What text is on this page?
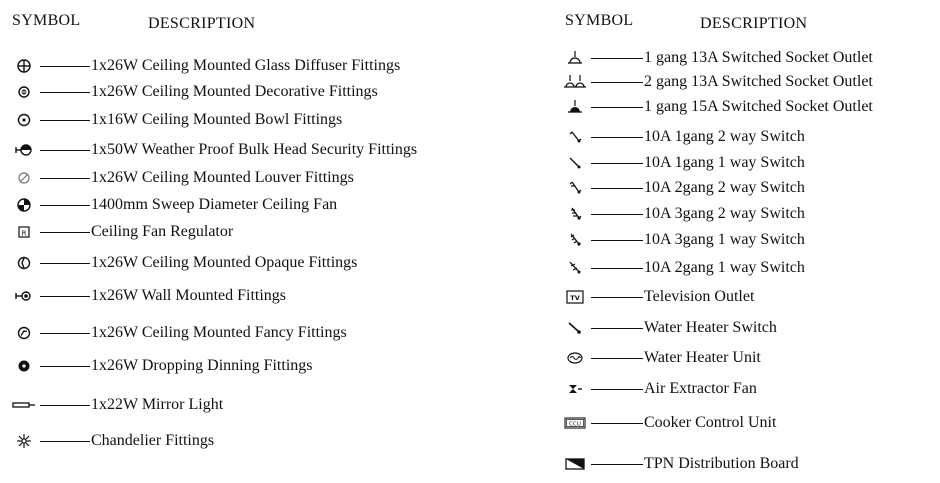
SYMBOL	DESCRIPTION
1x26W Ceiling Mounted Glass Diffuser Fittings
1x26W Ceiling Mounted Decorative Fittings
1x16W Ceiling Mounted Bowl Fittings
1x50W Weather Proof Bulk Head Security Fittings
1x26W Ceiling Mounted Louver Fittings
1400mm Sweep Diameter Ceiling Fan
R	Ceiling Fan Regulator
1x26W Ceiling Mounted Opaque Fittings
1x26W Wall Mounted Fittings
1x26W Ceiling Mounted Fancy Fittings
1x26W Dropping Dinning Fittings
1x22W Mirror Light
Chandelier Fittings
SYMBOL	DESCRIPTION
1 gang 13A Switched Socket Outlet
2 gang 13A Switched Socket Outlet
1 gang 15A Switched Socket Outlet
10A 1gang 2 way Switch
10A 1gang 1 way Switch
10A 2gang 2 way Switch
10A 3gang 2 way Switch
10A 3gang 1 way Switch
10A 2gang 1 way Switch
TV	Television Outlet
Water Heater Switch
Water Heater Unit
Air Extractor Fan
CCU	Cooker Control Unit
TPN Distribution Board
